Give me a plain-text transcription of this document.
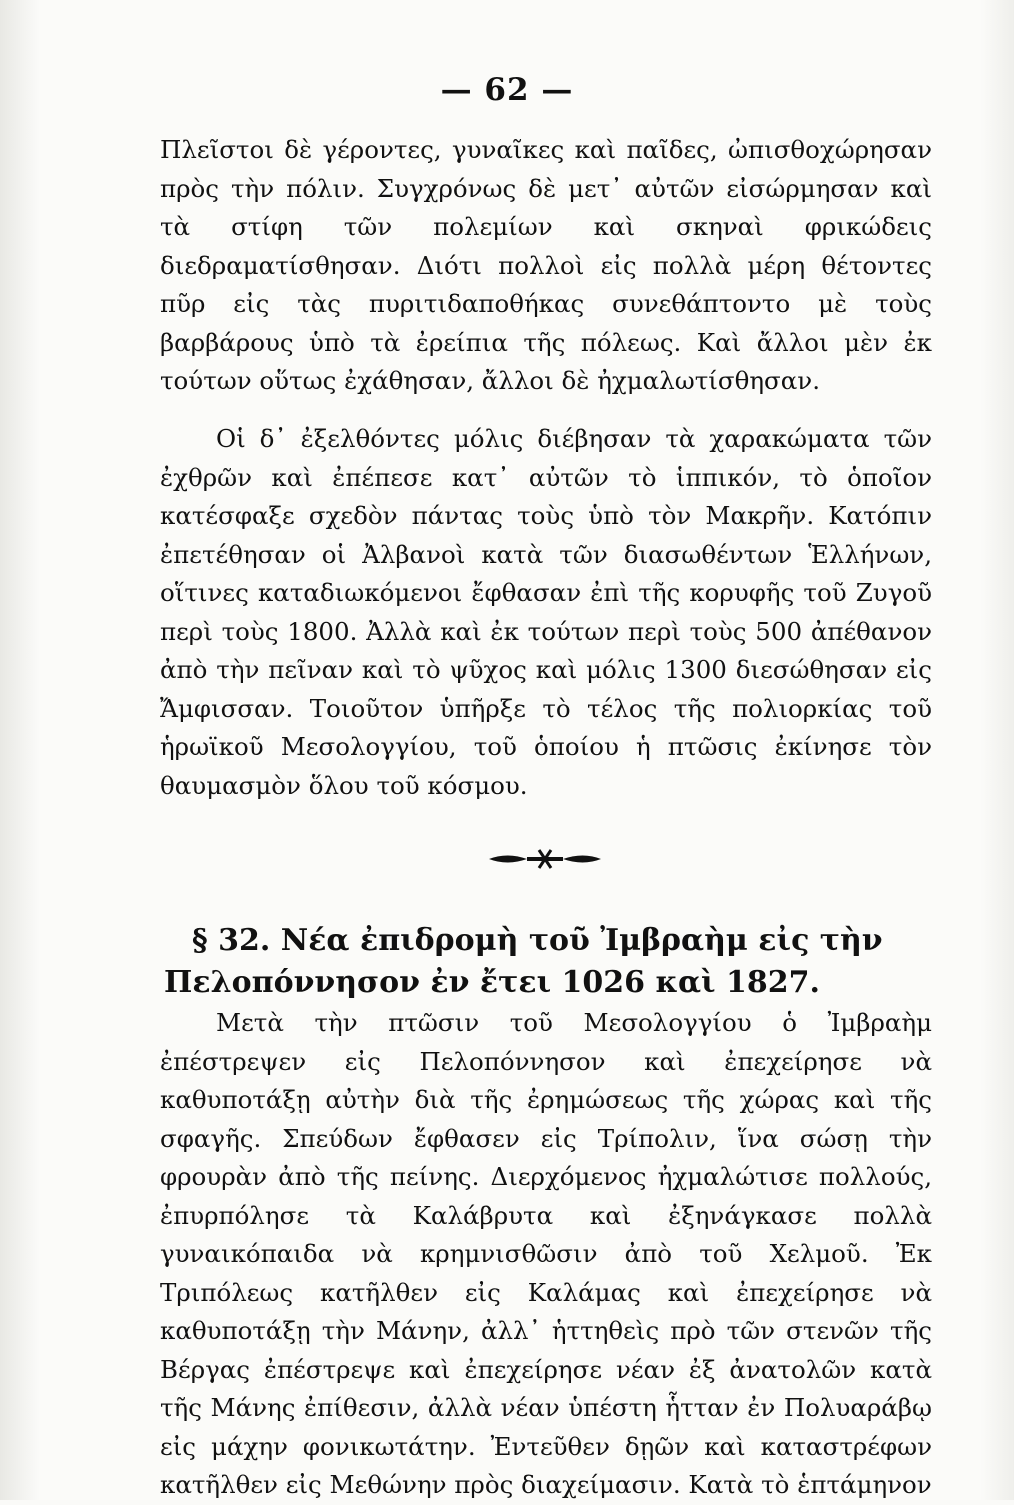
— 62 —

Πλεῖστοι δὲ γέροντες, γυναῖκες καὶ παῖδες, ὠπισθοχώρησαν πρὸς τὴν πόλιν. Συγχρόνως δὲ μετ᾽ αὐτῶν εἰσώρμησαν καὶ τὰ στίφη τῶν πολεμίων καὶ σκηναὶ φρικώδεις διεδραματίσθησαν. Διότι πολλοὶ εἰς πολλὰ μέρη θέτοντες πῦρ εἰς τὰς πυριτιδαποθήκας συνεθάπτοντο μὲ τοὺς βαρβάρους ὑπὸ τὰ ἐρείπια τῆς πόλεως. Καὶ ἄλλοι μὲν ἐκ τούτων οὕτως ἐχάθησαν, ἄλλοι δὲ ἠχμαλωτίσθησαν.

Οἱ δ᾽ ἐξελθόντες μόλις διέβησαν τὰ χαρακώματα τῶν ἐχθρῶν καὶ ἐπέπεσε κατ᾽ αὐτῶν τὸ ἱππικόν, τὸ ὁποῖον κατέσφαξε σχεδὸν πάντας τοὺς ὑπὸ τὸν Μακρῆν. Κατόπιν ἐπετέθησαν οἱ Ἀλβανοὶ κατὰ τῶν διασωθέντων Ἑλλήνων, οἵτινες καταδιωκόμενοι ἔφθασαν ἐπὶ τῆς κορυφῆς τοῦ Ζυγοῦ περὶ τοὺς 1800. Ἀλλὰ καὶ ἐκ τούτων περὶ τοὺς 500 ἀπέθανον ἀπὸ τὴν πεῖναν καὶ τὸ ψῦχος καὶ μόλις 1300 διεσώθησαν εἰς Ἄμφισσαν. Τοιοῦτον ὑπῆρξε τὸ τέλος τῆς πολιορκίας τοῦ ἡρωϊκοῦ Μεσολογγίου, τοῦ ὁποίου ἡ πτῶσις ἐκίνησε τὸν θαυμασμὸν ὅλου τοῦ κόσμου.

§ 32. Νέα ἐπιδρομὴ τοῦ Ἰμβραὴμ εἰς τὴν
Πελοπόννησον ἐν ἔτει 1026 καὶ 1827.

Μετὰ τὴν πτῶσιν τοῦ Μεσολογγίου ὁ Ἰμβραὴμ ἐπέστρεψεν εἰς Πελοπόννησον καὶ ἐπεχείρησε νὰ καθυποτάξῃ αὐτὴν διὰ τῆς ἐρημώσεως τῆς χώρας καὶ τῆς σφαγῆς. Σπεύδων ἔφθασεν εἰς Τρίπολιν, ἵνα σώσῃ τὴν φρουρὰν ἀπὸ τῆς πείνης. Διερχόμενος ἠχμαλώτισε πολλούς, ἐπυρπόλησε τὰ Καλάβρυτα καὶ ἐξηνάγκασε πολλὰ γυναικόπαιδα νὰ κρημνισθῶσιν ἀπὸ τοῦ Χελμοῦ. Ἐκ Τριπόλεως κατῆλθεν εἰς Καλάμας καὶ ἐπεχείρησε νὰ καθυποτάξῃ τὴν Μάνην, ἀλλ᾽ ἡττηθεὶς πρὸ τῶν στενῶν τῆς Βέργας ἐπέστρεψε καὶ ἐπεχείρησε νέαν ἐξ ἀνατολῶν κατὰ τῆς Μάνης ἐπίθεσιν, ἀλλὰ νέαν ὑπέστη ἧτταν ἐν Πολυαράβῳ εἰς μάχην φονικωτάτην. Ἐντεῦθεν δῃῶν καὶ καταστρέφων κατῆλθεν εἰς Μεθώνην πρὸς διαχείμασιν. Κατὰ τὸ ἑπτάμηνον
